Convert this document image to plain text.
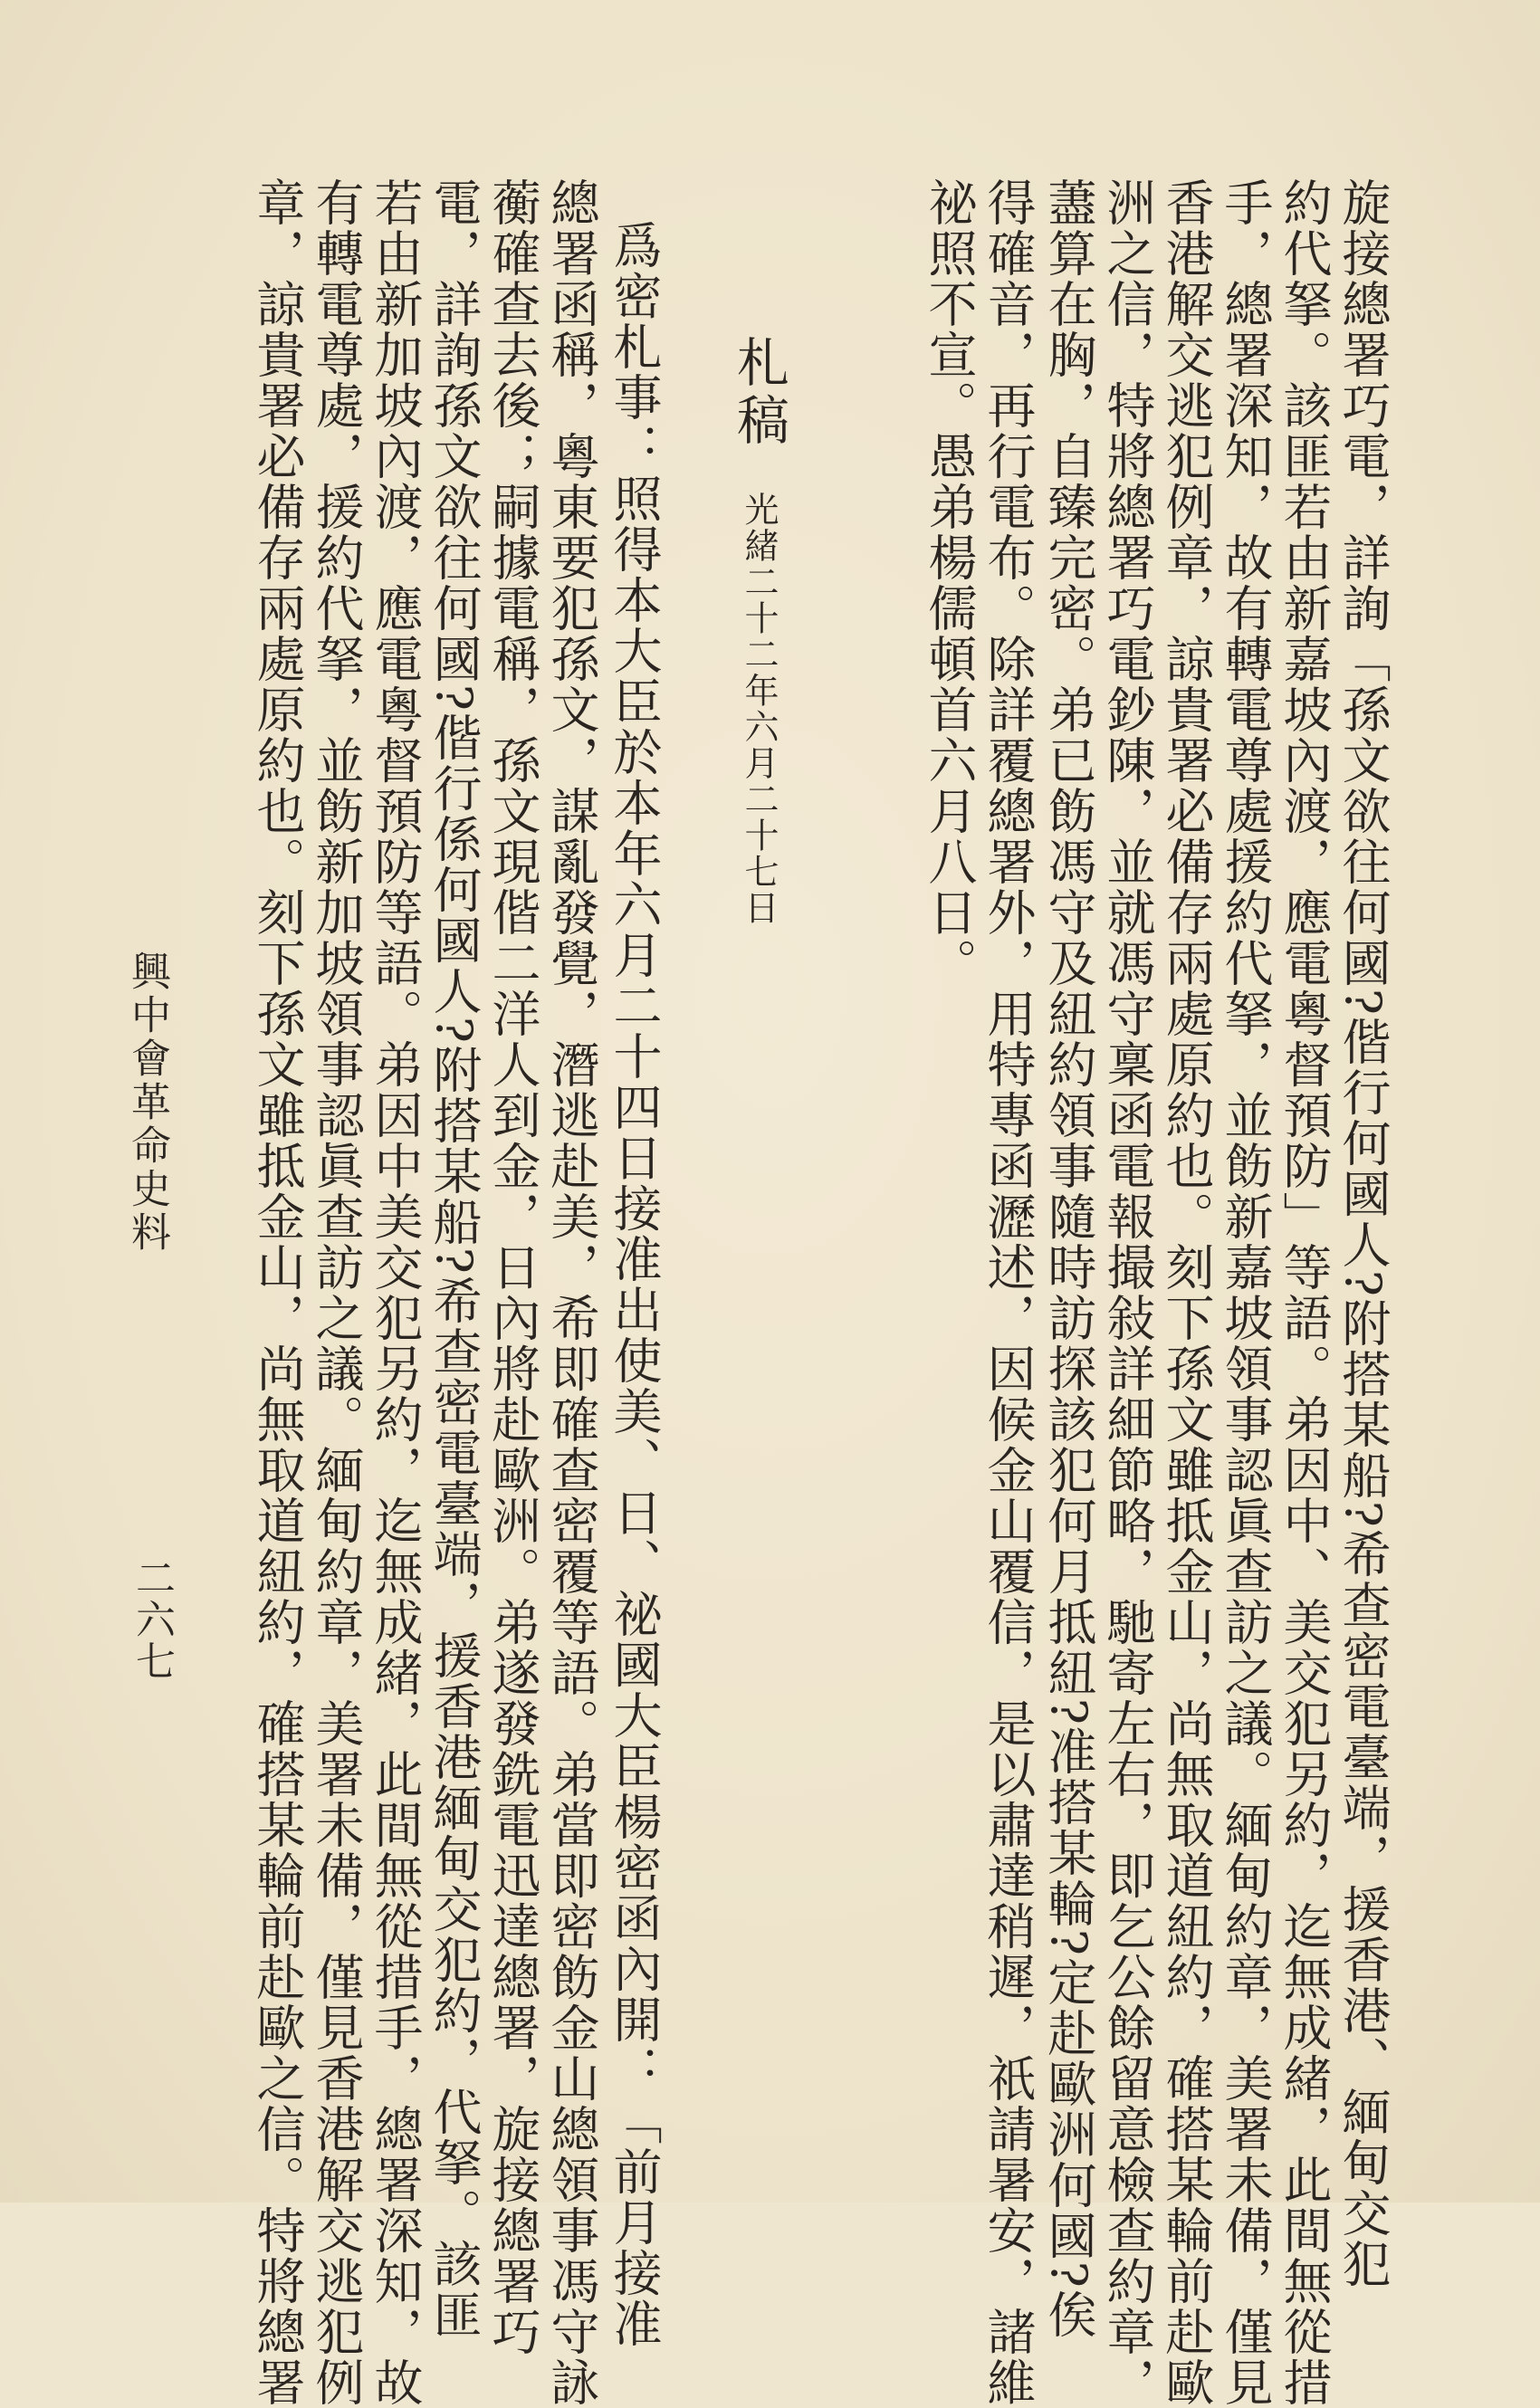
旋接總署巧電，詳詢「孫文欲往何國?偕行何國人?附搭某船?希查密電臺端，援香港、緬甸交犯
約代拏。該匪若由新嘉坡內渡，應電粵督預防」等語。弟因中、美交犯另約，迄無成緒，此間無從措
手，總署深知，故有轉電尊處援約代拏，並飭新嘉坡領事認眞查訪之議。緬甸約章，美署未備，僅見
香港解交逃犯例章，諒貴署必備存兩處原約也。刻下孫文雖抵金山，尚無取道紐約，確搭某輪前赴歐
洲之信，特將總署巧電鈔陳，並就馮守稟函電報撮敍詳細節略，馳寄左右，即乞公餘留意檢查約章，
藎算在胸，自臻完密。弟已飭馮守及紐約領事隨時訪探該犯何月抵紐?准搭某輪?定赴歐洲何國?俟
得確音，再行電布。除詳覆總署外，用特專函瀝述，因候金山覆信，是以肅達稍遲，祇請暑安，諸維
祕照不宣。愚弟楊儒頓首六月八日。
札稿 光緒二十二年六月二十七日
爲密札事：照得本大臣於本年六月二十四日接准出使美、日、祕國大臣楊密函內開：「前月接准
總署函稱，粵東要犯孫文，謀亂發覺，潛逃赴美，希即確查密覆等語。弟當即密飭金山總領事馮守詠
蘅確查去後；嗣據電稱，孫文現偕二洋人到金，日內將赴歐洲。弟遂發銑電迅達總署，旋接總署巧
電，詳詢孫文欲往何國?偕行係何國人?附搭某船?希查密電臺端，援香港緬甸交犯約，代拏。該匪
若由新加坡內渡，應電粵督預防等語。弟因中美交犯另約，迄無成緒，此間無從措手，總署深知，故
有轉電尊處，援約代拏，並飭新加坡領事認眞查訪之議。緬甸約章，美署未備，僅見香港解交逃犯例
章，諒貴署必備存兩處原約也。刻下孫文雖抵金山，尚無取道紐約，確搭某輪前赴歐之信。特將總署
興中會革命史料
二六七
